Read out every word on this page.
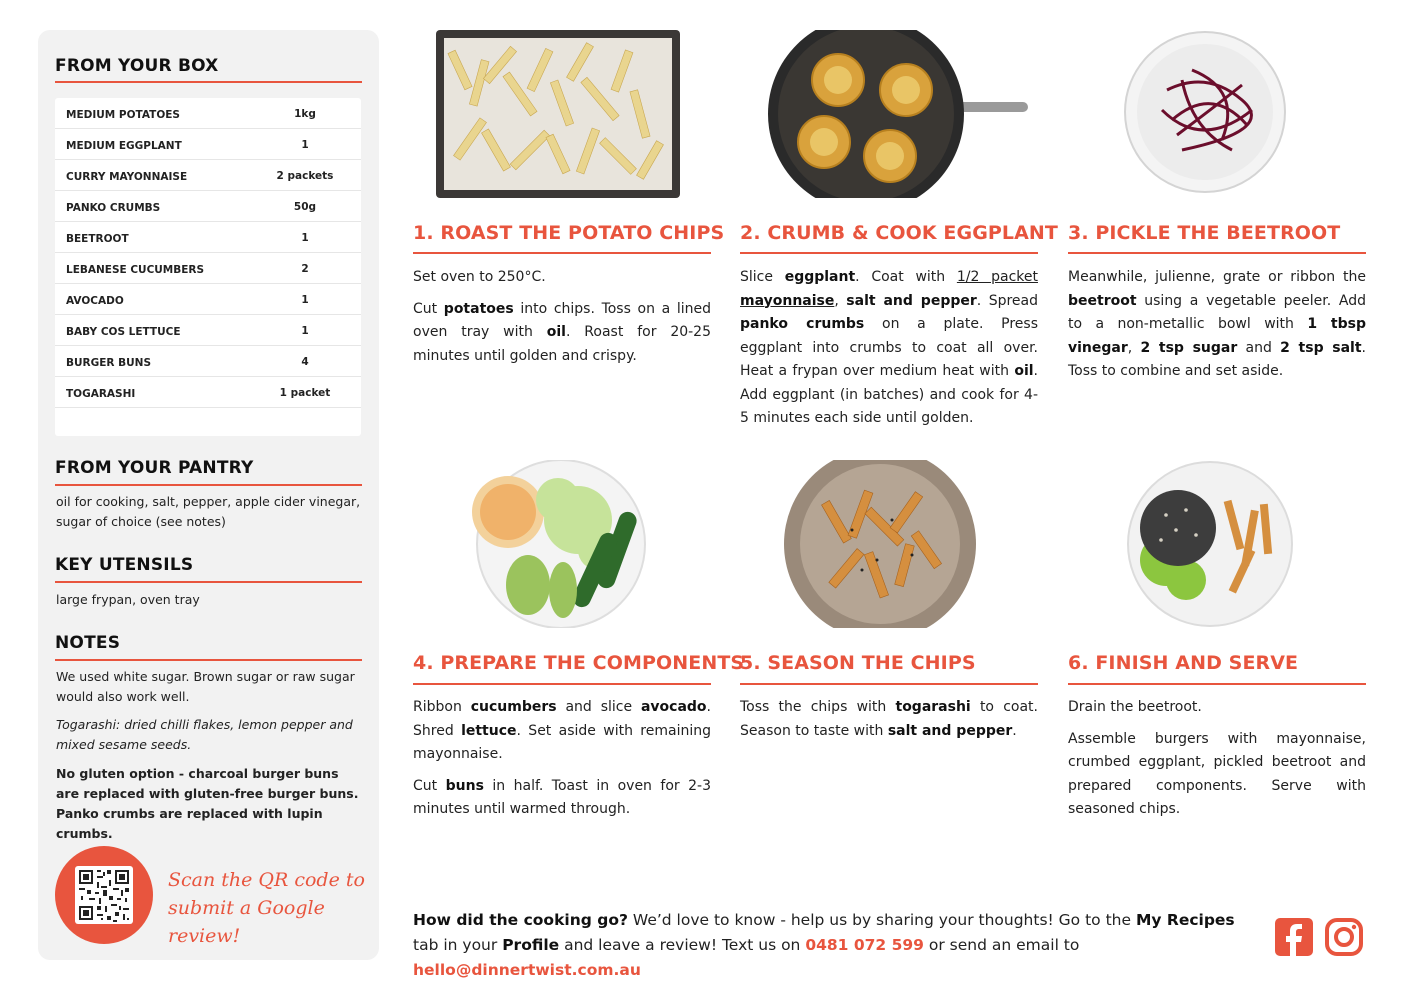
FROM YOUR BOX
MEDIUM POTATOES	1kg
MEDIUM EGGPLANT	1
CURRY MAYONNAISE	2 packets
PANKO CRUMBS	50g
BEETROOT	1
LEBANESE CUCUMBERS	2
AVOCADO	1
BABY COS LETTUCE	1
BURGER BUNS	4
TOGARASHI	1 packet
FROM YOUR PANTRY
oil for cooking, salt, pepper, apple cider vinegar, sugar of choice (see notes)
KEY UTENSILS
large frypan, oven tray
NOTES
We used white sugar. Brown sugar or raw sugar would also work well.
Togarashi: dried chilli flakes, lemon pepper and mixed sesame seeds.
No gluten option - charcoal burger buns are replaced with gluten-free burger buns. Panko crumbs are replaced with lupin crumbs.
Scan the QR code to
submit a Google review!
1. ROAST THE POTATO CHIPS

Set oven to 250°C.

Cut potatoes into chips. Toss on a lined oven tray with oil. Roast for 20-25 minutes until golden and crispy.

2. CRUMB & COOK EGGPLANT

Slice eggplant. Coat with 1/2 packet mayonnaise, salt and pepper. Spread panko crumbs on a plate. Press eggplant into crumbs to coat all over. Heat a frypan over medium heat with oil. Add eggplant (in batches) and cook for 4-5 minutes each side until golden.

3. PICKLE THE BEETROOT

Meanwhile, julienne, grate or ribbon the beetroot using a vegetable peeler. Add to a non-metallic bowl with 1 tbsp vinegar, 2 tsp sugar and 2 tsp salt. Toss to combine and set aside.

4. PREPARE THE COMPONENTS

Ribbon cucumbers and slice avocado. Shred lettuce. Set aside with remaining mayonnaise.

Cut buns in half. Toast in oven for 2-3 minutes until warmed through.

5. SEASON THE CHIPS

Toss the chips with togarashi to coat. Season to taste with salt and pepper.

6. FINISH AND SERVE

Drain the beetroot.

Assemble burgers with mayonnaise, crumbed eggplant, pickled beetroot and prepared components. Serve with seasoned chips.

How did the cooking go? We’d love to know - help us by sharing your thoughts! Go to the My Recipes tab in your Profile and leave a review! Text us on 0481 072 599 or send an email to hello@dinnertwist.com.au
